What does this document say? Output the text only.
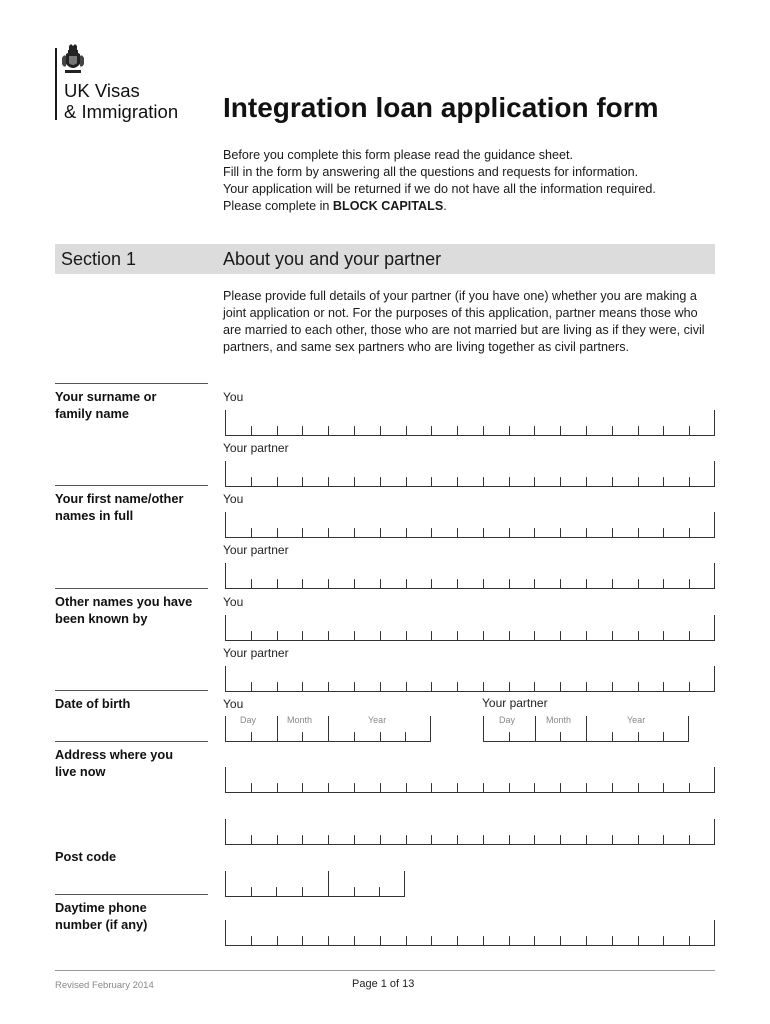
UK Visas
& Immigration Integration loan application form

Before you complete this form please read the guidance sheet.

Fill in the form by answering all the questions and requests for information.

Your application will be returned if we do not have all the information required.

Please complete in BLOCK CAPITALS.

Section 1	About you and your partner
Please provide full details of your partner (if you have one) whether you are making a joint application or not. For the purposes of this application, partner means those who are married to each other, those who are not married but are living as if they were, civil partners, and same sex partners who are living together as civil partners.
Your surname or
family name
You
Your partner
Your first name/other
names in full
You
Your partner
Other names you have
been known by
You
Your partner
Date of birth	You
Day	Month	Year
Your partner
Day	Month	Year
Address where you
live now
Post code
Daytime phone
number (if any)
Revised February 2014	Page 1 of 13
